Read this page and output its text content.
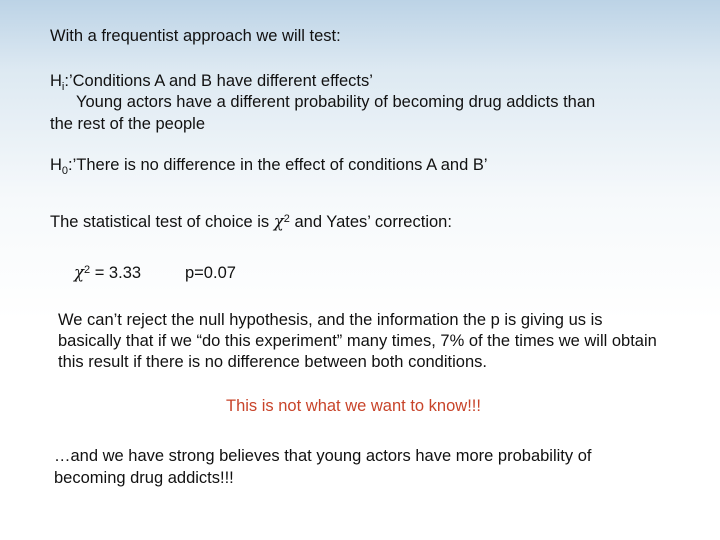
With a frequentist approach we will test:
$H_i:’Conditions$ A and B have different effects’
Young actors have a different probability of becoming drug addicts than
the rest of the people
$H_0:’There$ is no difference in the effect of conditions A and B’
The statistical test of choice is $\chi^2$ and Yates’ correction:
$\chi^2 = 3.33$	p=0.07
We can’t reject the null hypothesis, and the information the p is giving us is
basically that if we “do this experiment” many times, 7% of the times we will obtain
this result if there is no difference between both conditions.
This is not what we want to know!!!
…and we have strong believes that young actors have more probability of
becoming drug addicts!!!
